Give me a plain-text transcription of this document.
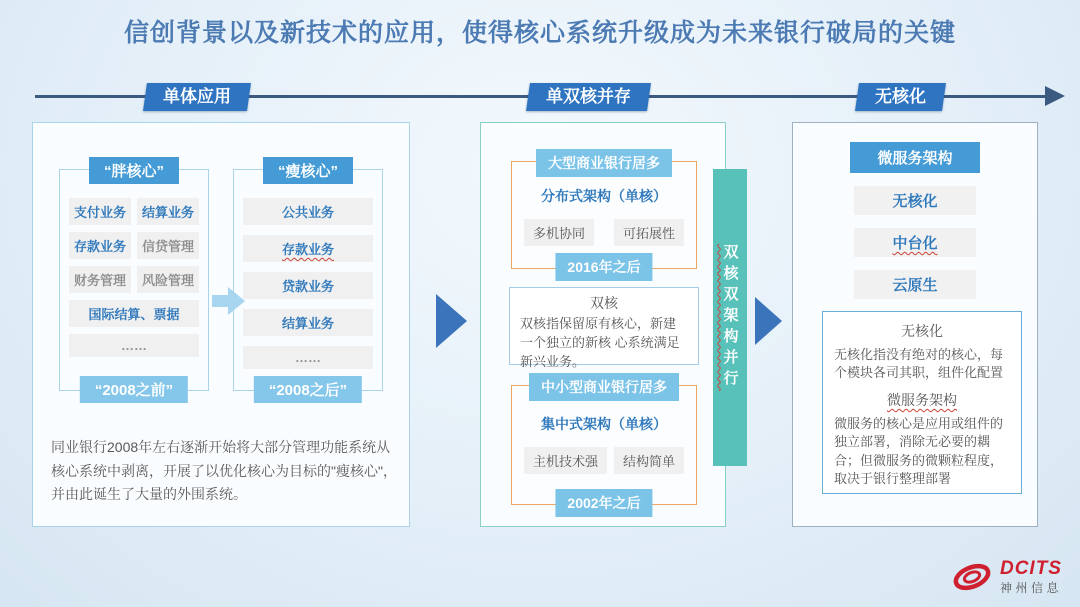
信创背景以及新技术的应用，使得核心系统升级成为未来银行破局的关键
单体应用	单双核并存	无核化
“胖核心”
支付业务	结算业务
存款业务	信贷管理
财务管理	风险管理
国际结算、票据
……
“2008之前”
“瘦核心”
公共业务
存款业务
贷款业务
结算业务
……
“2008之后”
同业银行2008年左右逐渐开始将大部分管理功能系统从核心系统中剥离，开展了以优化核心为目标的"瘦核心"，并由此诞生了大量的外围系统。
大型商业银行居多
分布式架构（单核）
多机协同	可拓展性
2016年之后
双核
双核指保留原有核心，新建一个独立的新核 心系统满足新兴业务。
中小型商业银行居多
集中式架构（单核）
主机技术强	结构简单
2002年之后
双核双架构并行
微服务架构
无核化
中台化
云原生
无核化
无核化指没有绝对的核心，每个模块各司其职，组件化配置
微服务架构
微服务的核心是应用或组件的独立部署，消除无必要的耦合；但微服务的微颗粒程度，取决于银行整理部署
DCITS
神州信息
